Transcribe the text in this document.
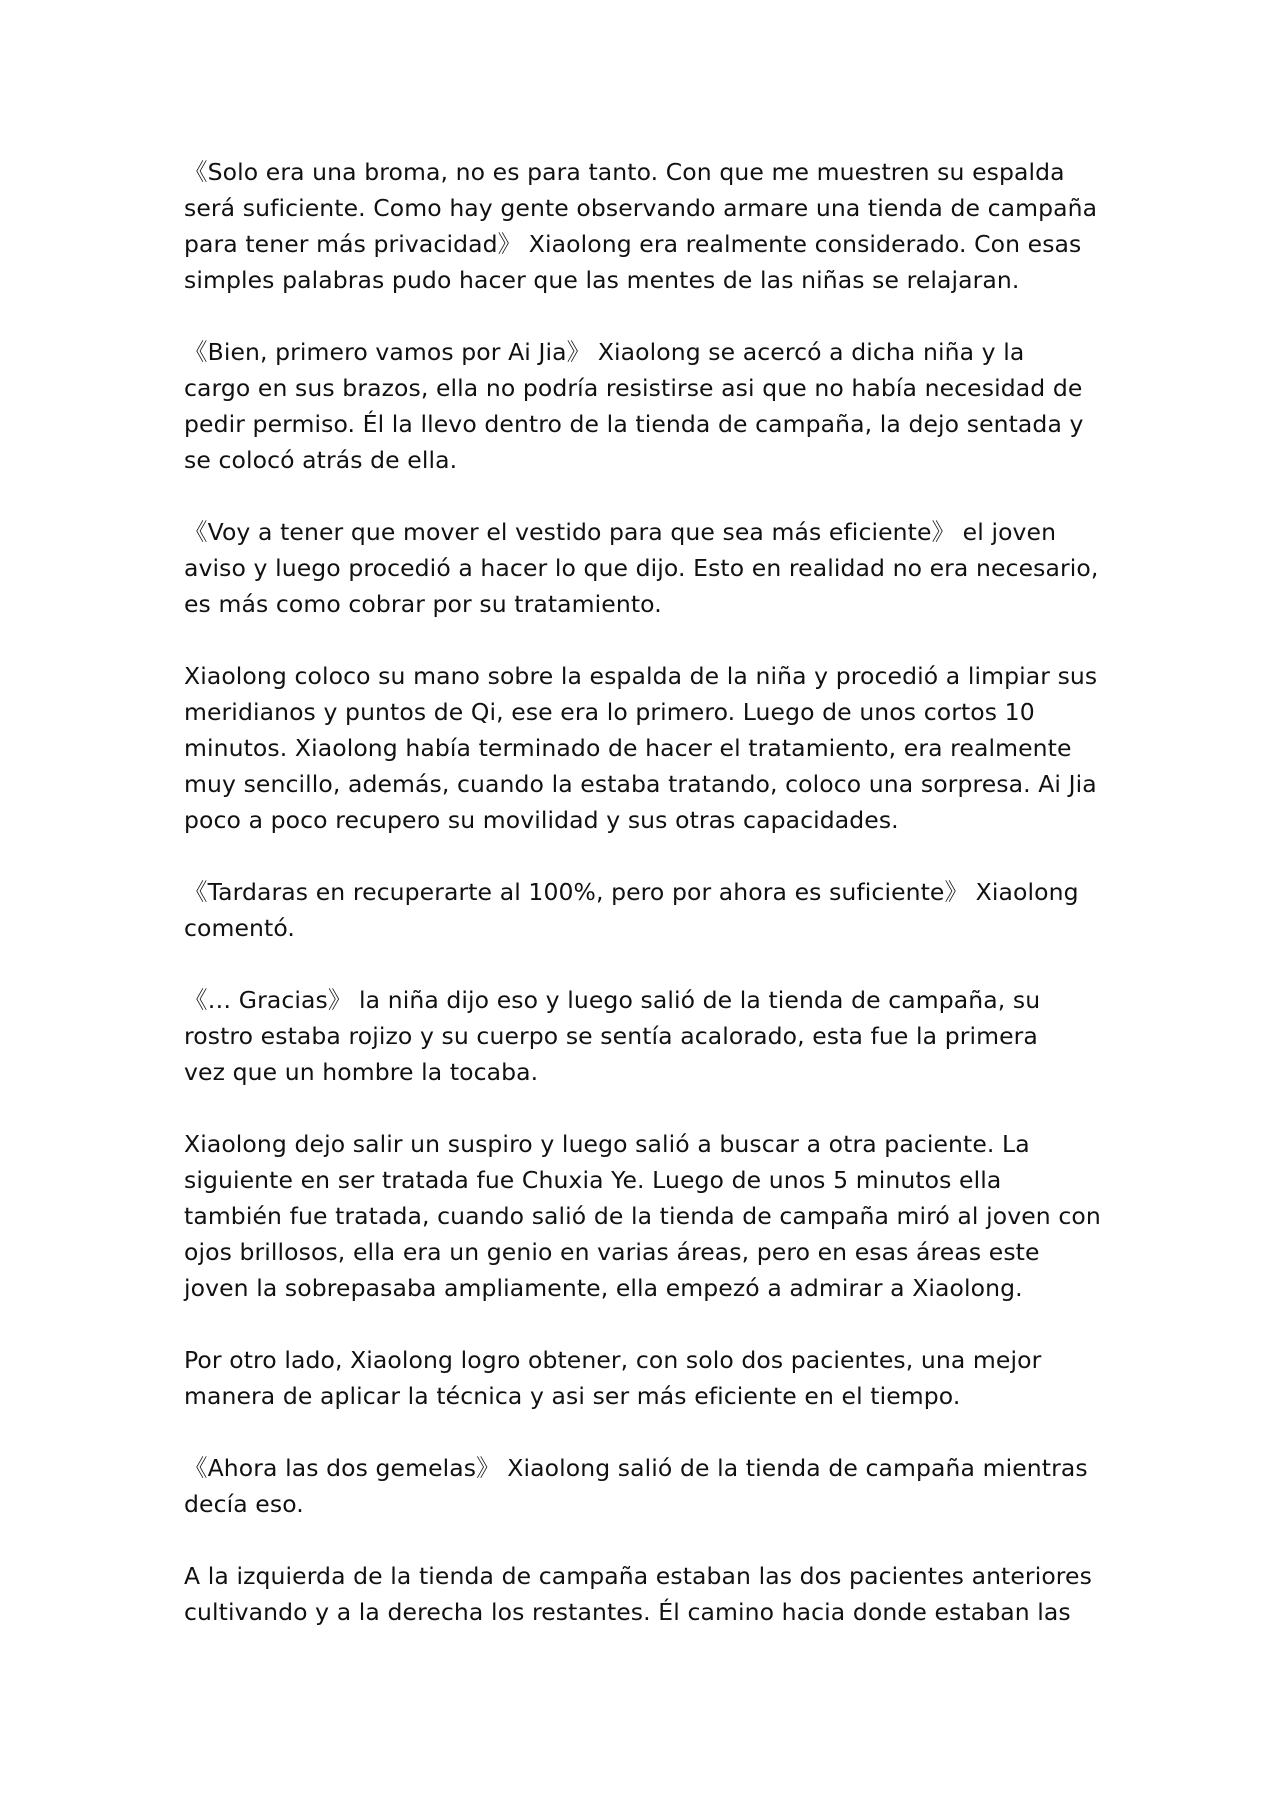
《Solo era una broma, no es para tanto. Con que me muestren su espalda
será suficiente. Como hay gente observando armare una tienda de campaña
para tener más privacidad》 Xiaolong era realmente considerado. Con esas
simples palabras pudo hacer que las mentes de las niñas se relajaran.

《Bien, primero vamos por Ai Jia》 Xiaolong se acercó a dicha niña y la
cargo en sus brazos, ella no podría resistirse asi que no había necesidad de
pedir permiso. Él la llevo dentro de la tienda de campaña, la dejo sentada y
se colocó atrás de ella.

《Voy a tener que mover el vestido para que sea más eficiente》 el joven
aviso y luego procedió a hacer lo que dijo. Esto en realidad no era necesario,
es más como cobrar por su tratamiento.

Xiaolong coloco su mano sobre la espalda de la niña y procedió a limpiar sus
meridianos y puntos de Qi, ese era lo primero. Luego de unos cortos 10
minutos. Xiaolong había terminado de hacer el tratamiento, era realmente
muy sencillo, además, cuando la estaba tratando, coloco una sorpresa. Ai Jia
poco a poco recupero su movilidad y sus otras capacidades.

《Tardaras en recuperarte al 100%, pero por ahora es suficiente》 Xiaolong
comentó.

《… Gracias》 la niña dijo eso y luego salió de la tienda de campaña, su
rostro estaba rojizo y su cuerpo se sentía acalorado, esta fue la primera
vez que un hombre la tocaba.

Xiaolong dejo salir un suspiro y luego salió a buscar a otra paciente. La
siguiente en ser tratada fue Chuxia Ye. Luego de unos 5 minutos ella
también fue tratada, cuando salió de la tienda de campaña miró al joven con
ojos brillosos, ella era un genio en varias áreas, pero en esas áreas este
joven la sobrepasaba ampliamente, ella empezó a admirar a Xiaolong.

Por otro lado, Xiaolong logro obtener, con solo dos pacientes, una mejor
manera de aplicar la técnica y asi ser más eficiente en el tiempo.

《Ahora las dos gemelas》 Xiaolong salió de la tienda de campaña mientras
decía eso.

A la izquierda de la tienda de campaña estaban las dos pacientes anteriores
cultivando y a la derecha los restantes. Él camino hacia donde estaban las
